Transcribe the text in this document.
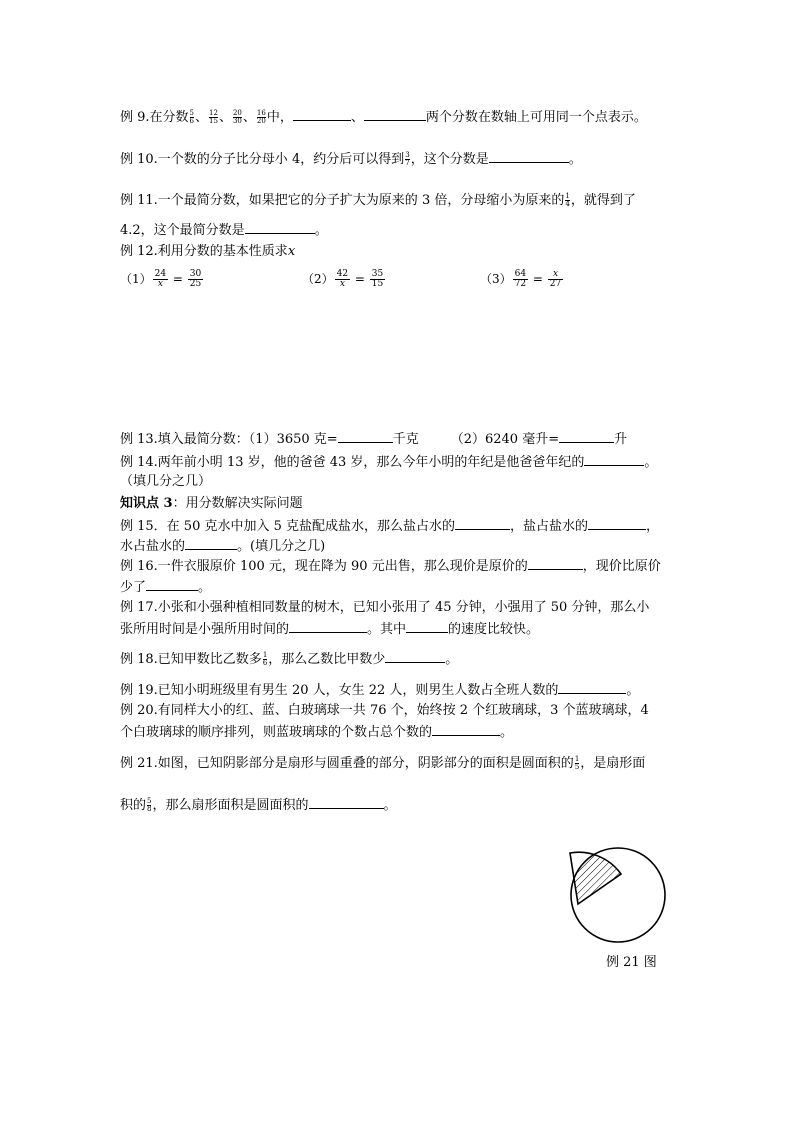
例 9.在分数 $\frac{5}{6}$ 、 $\frac{12}{15}$ 、 $\frac{20}{30}$ 、 $\frac{16}{20}$ 中，	、	两个分数在数轴上可用同一个点表示。
例 10.一个数的分子比分母小 4，约分后可以得到 $\frac{3}{7}$ ，这个分数是	。
例 11.一个最简分数，如果把它的分子扩大为原来的 3 倍，分母缩小为原来的 $\frac{1}{4}$ ，就得到了
4.2，这个最简分数是	。
例 12.利用分数的基本性质求x
$(1) \frac{24}{x} = \frac{30}{25}$	$(2) \frac{42}{x} = \frac{35}{15}$	$(3) \frac{64}{72} = \frac{x}{27}$
例 13.填入最简分数：（1）3650 克=	千克 （2）6240 毫升=	升
例 14.两年前小明 13 岁，他的爸爸 43 岁，那么今年小明的年纪是他爸爸年纪的	。
（填几分之几）
知识点 3：用分数解决实际问题
例 15．在 50 克水中加入 5 克盐配成盐水，那么盐占水的	，盐占盐水的	，
水占盐水的	。(填几分之几)
例 16.一件衣服原价 100 元，现在降为 90 元出售，那么现价是原价的	，现价比原价
少了	。
例 17.小张和小强种植相同数量的树木，已知小张用了 45 分钟，小强用了 50 分钟，那么小
张所用时间是小强所用时间的	。其中	的速度比较快。
例 18.已知甲数比乙数多 $\frac{1}{6}$ ，那么乙数比甲数少	。
例 19.已知小明班级里有男生 20 人，女生 22 人，则男生人数占全班人数的	。
例 20.有同样大小的红、蓝、白玻璃球一共 76 个，始终按 2 个红玻璃球，3 个蓝玻璃球，4
个白玻璃球的顺序排列，则蓝玻璃球的个数占总个数的	。
例 21.如图，已知阴影部分是扇形与圆重叠的部分，阴影部分的面积是圆面积的 $\frac{1}{5}$ ，是扇形面
积的 $\frac{5}{8}$ ，那么扇形面积是圆面积的	。
例 21 图
